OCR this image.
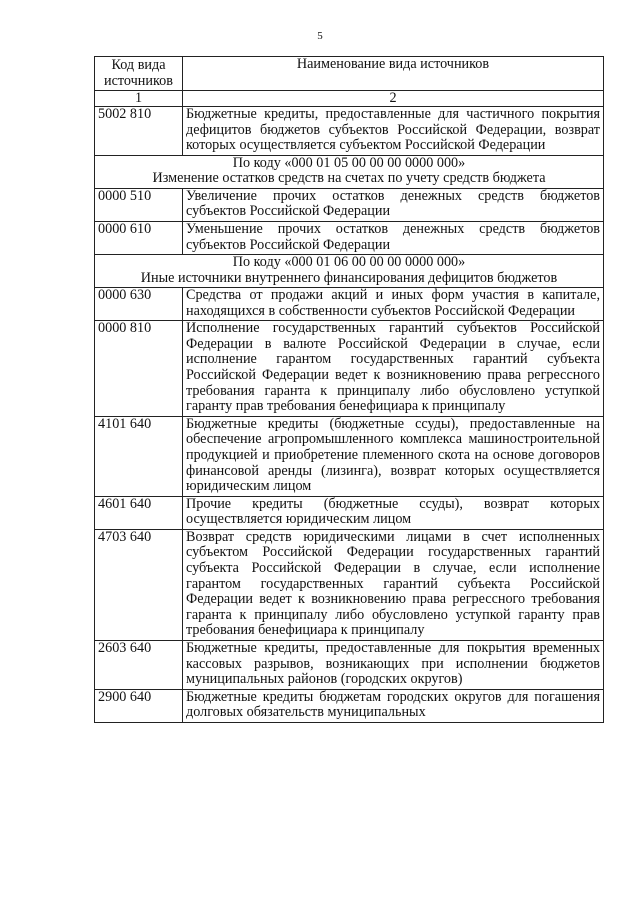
5
Код вида источников	Наименование вида источников
1	2
5002 810	Бюджетные кредиты, предоставленные для частичного покрытия дефицитов бюджетов субъектов Российской Федерации, возврат которых осуществляется субъектом Российской Федерации

По коду «000 01 05 00 00 00 0000 000»
Изменение остатков средств на счетах по учету средств бюджета	

0000 510	Увеличение прочих остатков денежных средств бюджетов субъектов Российской Федерации
0000 610	Уменьшение прочих остатков денежных средств бюджетов субъектов Российской Федерации

По коду «000 01 06 00 00 00 0000 000»
Иные источники внутреннего финансирования дефицитов бюджетов	

0000 630	Средства от продажи акций и иных форм участия в капитале, находящихся в собственности субъектов Российской Федерации
0000 810	Исполнение государственных гарантий субъектов Российской Федерации в валюте Российской Федерации в случае, если исполнение гарантом государственных гарантий субъекта Российской Федерации ведет к возникновению права регрессного требования гаранта к принципалу либо обусловлено уступкой гаранту прав требования бенефициара к принципалу
4101 640	Бюджетные кредиты (бюджетные ссуды), предоставленные на обеспечение агропромышленного комплекса машиностроительной продукцией и приобретение племенного скота на основе договоров финансовой аренды (лизинга), возврат которых осуществляется юридическим лицом
4601 640	Прочие кредиты (бюджетные ссуды), возврат которых осуществляется юридическим лицом
4703 640	Возврат средств юридическими лицами в счет исполненных субъектом Российской Федерации государственных гарантий субъекта Российской Федерации в случае, если исполнение гарантом государственных гарантий субъекта Российской Федерации ведет к возникновению права регрессного требования гаранта к принципалу либо обусловлено уступкой гаранту прав требования бенефициара к принципалу
2603 640	Бюджетные кредиты, предоставленные для покрытия временных кассовых разрывов, возникающих при исполнении бюджетов муниципальных районов (городских округов)
2900 640	Бюджетные кредиты бюджетам городских округов для погашения долговых обязательств муниципальных
